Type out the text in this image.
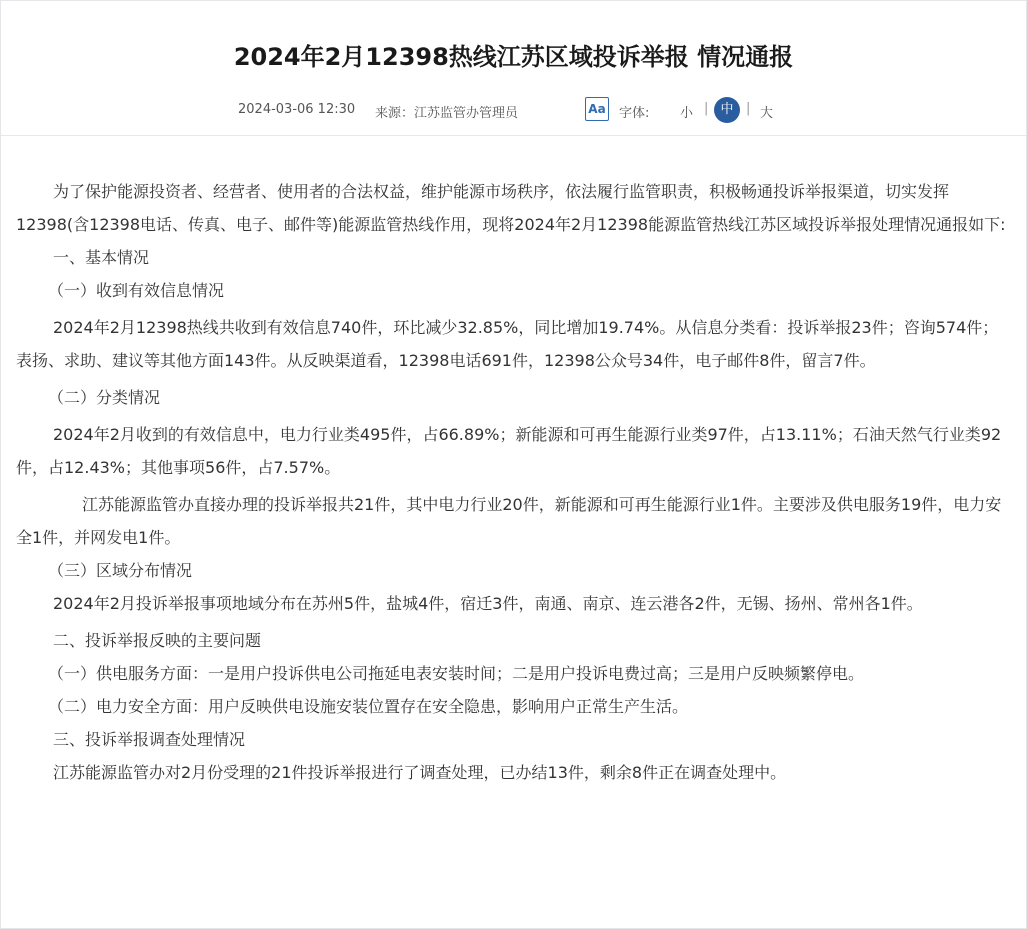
2024年2月12398热线江苏区域投诉举报 情况通报
2024-03-06 12:30 来源：江苏监管办管理员	Aa 字体: 小 | 中 | 大

为了保护能源投资者、经营者、使用者的合法权益，维护能源市场秩序，依法履行监管职责，积极畅通投诉举报渠道，切实发挥12398(含12398电话、传真、电子、邮件等)能源监管热线作用，现将2024年2月12398能源监管热线江苏区域投诉举报处理情况通报如下:

一、基本情况

（一）收到有效信息情况

2024年2月12398热线共收到有效信息740件，环比减少32.85%，同比增加19.74%。从信息分类看：投诉举报23件；咨询574件；表扬、求助、建议等其他方面143件。从反映渠道看，12398电话691件，12398公众号34件，电子邮件8件，留言7件。

（二）分类情况

2024年2月收到的有效信息中，电力行业类495件，占66.89%；新能源和可再生能源行业类97件，占13.11%；石油天然气行业类92件，占12.43%；其他事项56件，占7.57%。

江苏能源监管办直接办理的投诉举报共21件，其中电力行业20件，新能源和可再生能源行业1件。主要涉及供电服务19件，电力安全1件，并网发电1件。

（三）区域分布情况

2024年2月投诉举报事项地域分布在苏州5件，盐城4件，宿迁3件，南通、南京、连云港各2件，无锡、扬州、常州各1件。

二、投诉举报反映的主要问题

（一）供电服务方面：一是用户投诉供电公司拖延电表安装时间；二是用户投诉电费过高；三是用户反映频繁停电。

（二）电力安全方面：用户反映供电设施安装位置存在安全隐患，影响用户正常生产生活。

三、投诉举报调查处理情况

江苏能源监管办对2月份受理的21件投诉举报进行了调查处理，已办结13件，剩余8件正在调查处理中。
